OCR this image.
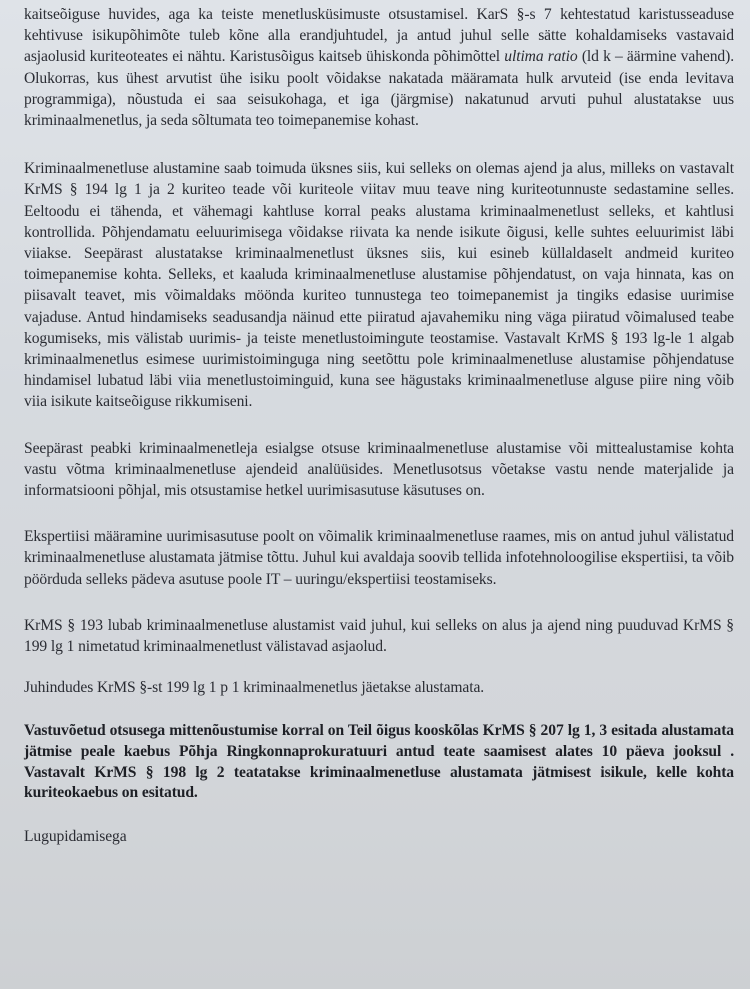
kaitseõiguse huvides, aga ka teiste menetlusküsimuste otsustamisel. KarS §-s 7 kehtestatud karistusseaduse kehtivuse isikupõhimõte tuleb kõne alla erandjuhtudel, ja antud juhul selle sätte kohaldamiseks vastavaid asjaolusid kuriteoteates ei nähtu. Karistusõigus kaitseb ühiskonda põhimõttel ultima ratio (ld k – äärmine vahend). Olukorras, kus ühest arvutist ühe isiku poolt võidakse nakatada määramata hulk arvuteid (ise enda levitava programmiga), nõustuda ei saa seisukohaga, et iga (järgmise) nakatunud arvuti puhul alustatakse uus kriminaalmenetlus, ja seda sõltumata teo toimepanemise kohast.

Kriminaalmenetluse alustamine saab toimuda üksnes siis, kui selleks on olemas ajend ja alus, milleks on vastavalt KrMS § 194 lg 1 ja 2 kuriteo teade või kuriteole viitav muu teave ning kuriteotunnuste sedastamine selles. Eeltoodu ei tähenda, et vähemagi kahtluse korral peaks alustama kriminaalmenetlust selleks, et kahtlusi kontrollida. Põhjendamatu eeluurimisega võidakse riivata ka nende isikute õigusi, kelle suhtes eeluurimist läbi viiakse. Seepärast alustatakse kriminaalmenetlust üksnes siis, kui esineb küllaldaselt andmeid kuriteo toimepanemise kohta. Selleks, et kaaluda kriminaalmenetluse alustamise põhjendatust, on vaja hinnata, kas on piisavalt teavet, mis võimaldaks möönda kuriteo tunnustega teo toimepanemist ja tingiks edasise uurimise vajaduse. Antud hindamiseks seadusandja näinud ette piiratud ajavahemiku ning väga piiratud võimalused teabe kogumiseks, mis välistab uurimis- ja teiste menetlustoimingute teostamise. Vastavalt KrMS § 193 lg-le 1 algab kriminaalmenetlus esimese uurimistoiminguga ning seetõttu pole kriminaalmenetluse alustamise põhjendatuse hindamisel lubatud läbi viia menetlustoiminguid, kuna see hägustaks kriminaalmenetluse alguse piire ning võib viia isikute kaitseõiguse rikkumiseni.

Seepärast peabki kriminaalmenetleja esialgse otsuse kriminaalmenetluse alustamise või mittealustamise kohta vastu võtma kriminaalmenetluse ajendeid analüüsides. Menetlusotsus võetakse vastu nende materjalide ja informatsiooni põhjal, mis otsustamise hetkel uurimisasutuse käsutuses on.

Ekspertiisi määramine uurimisasutuse poolt on võimalik kriminaalmenetluse raames, mis on antud juhul välistatud kriminaalmenetluse alustamata jätmise tõttu. Juhul kui avaldaja soovib tellida infotehnoloogilise ekspertiisi, ta võib pöörduda selleks pädeva asutuse poole IT – uuringu/ekspertiisi teostamiseks.

KrMS § 193 lubab kriminaalmenetluse alustamist vaid juhul, kui selleks on alus ja ajend ning puuduvad KrMS § 199 lg 1 nimetatud kriminaalmenetlust välistavad asjaolud.

Juhindudes KrMS §-st 199 lg 1 p 1 kriminaalmenetlus jäetakse alustamata.

Vastuvõetud otsusega mittenõustumise korral on Teil õigus kooskõlas KrMS § 207 lg 1, 3 esitada alustamata jätmise peale kaebus Põhja Ringkonnaprokuratuuri antud teate saamisest alates 10 päeva jooksul . Vastavalt KrMS § 198 lg 2 teatatakse kriminaalmenetluse alustamata jätmisest isikule, kelle kohta kuriteokaebus on esitatud.

Lugupidamisega
